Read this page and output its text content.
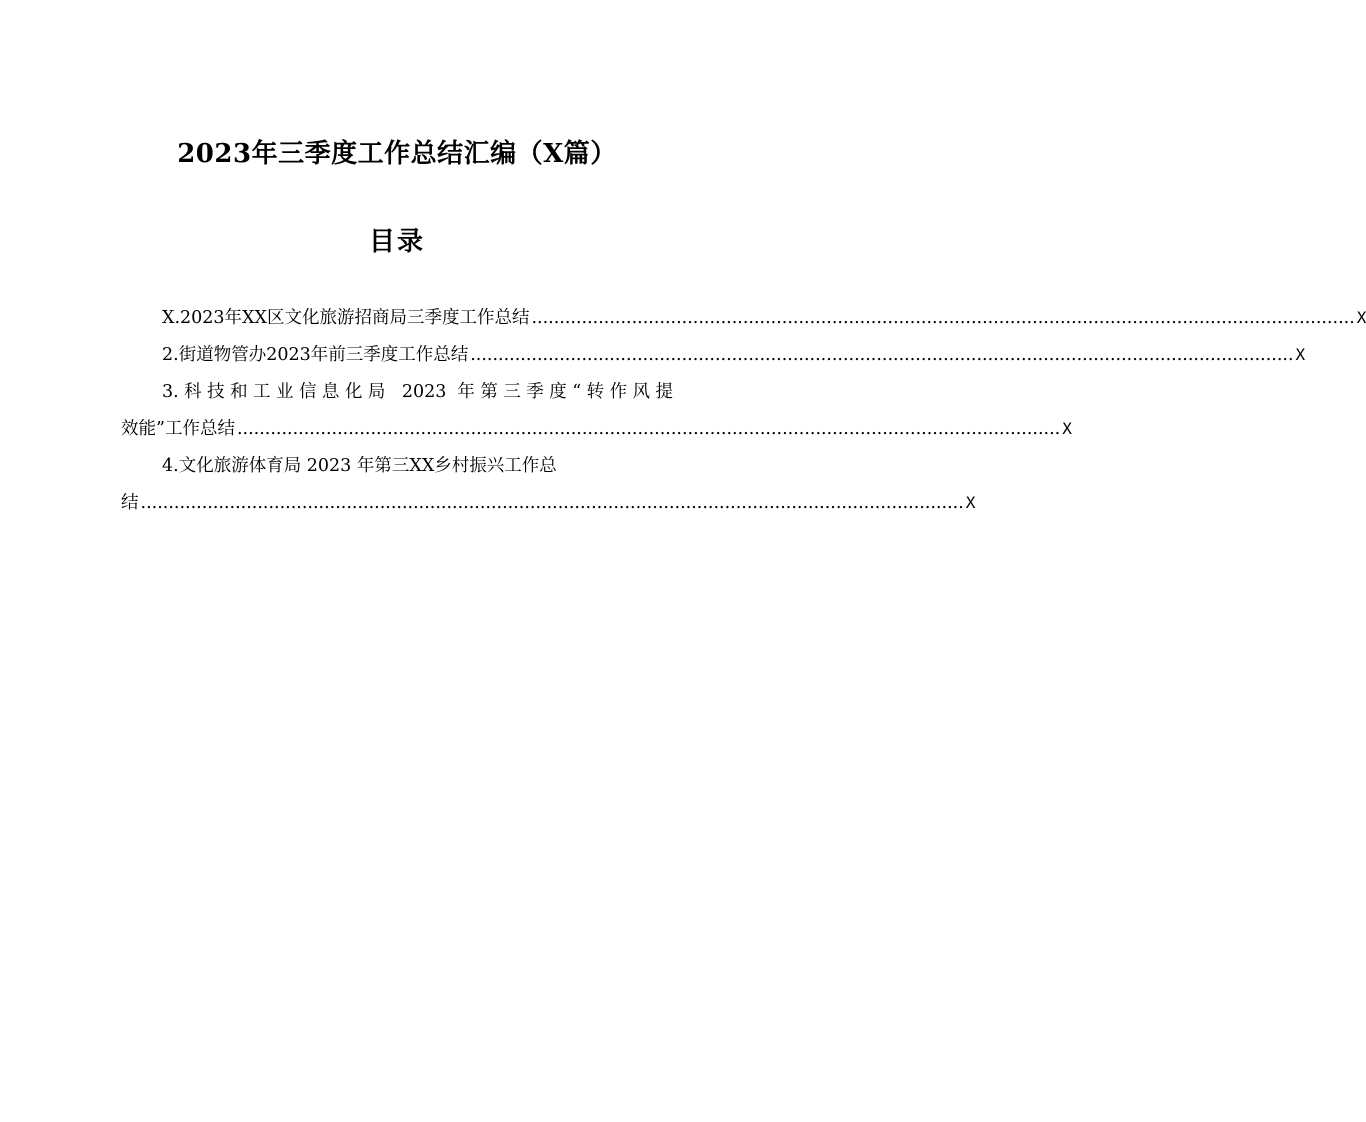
2023年三季度工作总结汇编（X篇）
目录
X.2023年XX区文化旅游招商局三季度工作总结 .................................................................................................................................................... X
2.街道物管办2023年前三季度工作总结 .................................................................................................................................................... X
3.科技和工业信息化局 2023 年第三季度“转作风提
效能”工作总结 .................................................................................................................................................... X
4.文化旅游体育局 2023 年第三XX乡村振兴工作总
结 .................................................................................................................................................... X
